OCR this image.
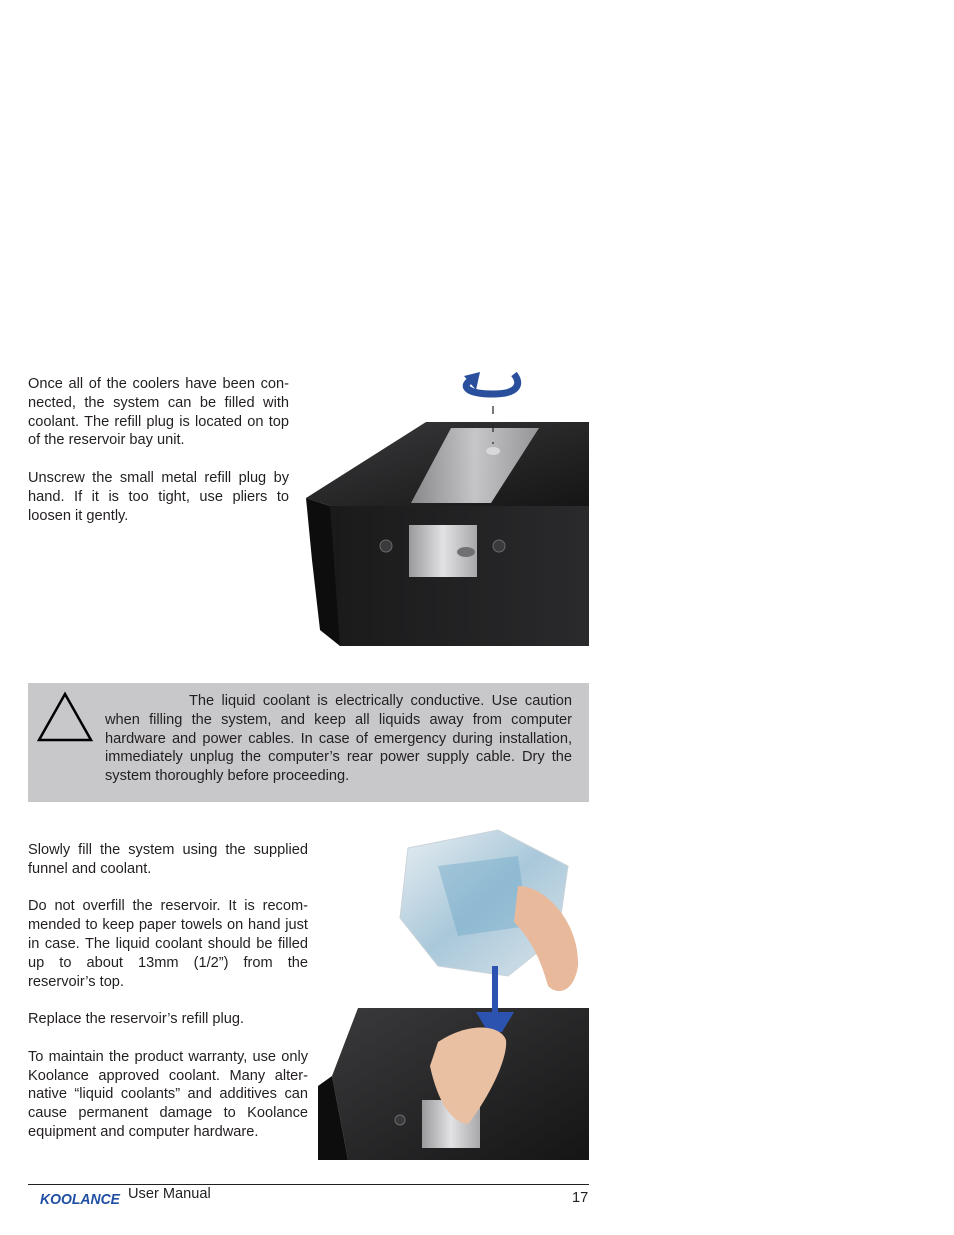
Once all of the coolers have been con- nected, the system can be filled with coolant. The refill plug is located on top of the reservoir bay unit.

Unscrew the small metal refill plug by hand. If it is too tight, use pliers to loosen it gently.

The liquid coolant is electrically conductive. Use caution when filling the system, and keep all liquids away from computer hardware and power cables. In case of emergency during installation, immediately unplug the computer’s rear power supply cable. Dry the system thoroughly before proceeding.

Slowly fill the system using the supplied funnel and coolant.

Do not overfill the reservoir. It is recom- mended to keep paper towels on hand just in case. The liquid coolant should be filled up to about 13mm (1/2”) from the reservoir’s top.

Replace the reservoir’s refill plug.

To maintain the product warranty, use only Koolance approved coolant. Many alter- native “liquid coolants” and additives can cause permanent damage to Koolance equipment and computer hardware.

KOOLANCE User Manual	17
